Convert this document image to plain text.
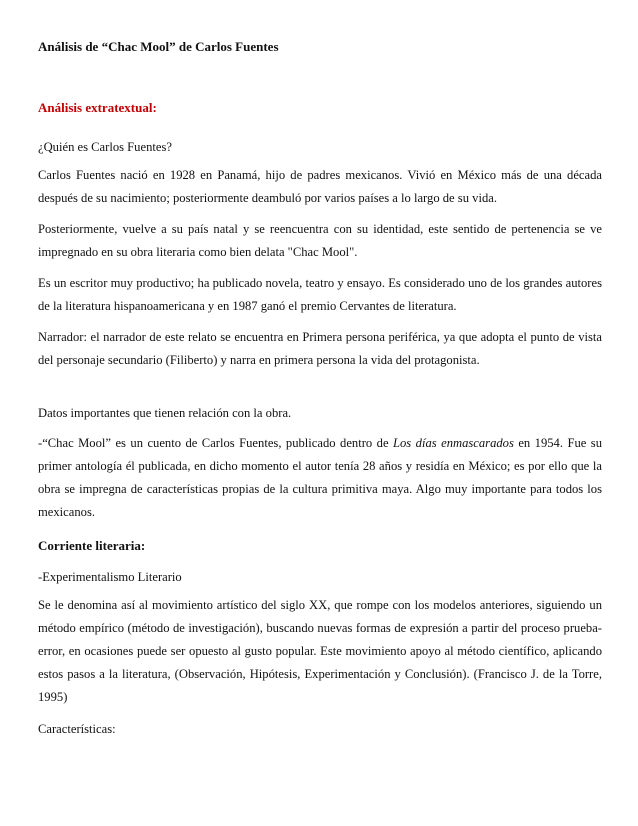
Análisis de “Chac Mool” de Carlos Fuentes
Análisis extratextual:

¿Quién es Carlos Fuentes?

Carlos Fuentes nació en 1928 en Panamá, hijo de padres mexicanos. Vivió en México más de una década después de su nacimiento; posteriormente deambuló por varios países a lo largo de su vida.

Posteriormente, vuelve a su país natal y se reencuentra con su identidad, este sentido de pertenencia se ve impregnado en su obra literaria como bien delata "Chac Mool".

Es un escritor muy productivo; ha publicado novela, teatro y ensayo. Es considerado uno de los grandes autores de la literatura hispanoamericana y en 1987 ganó el premio Cervantes de literatura.

Narrador: el narrador de este relato se encuentra en Primera persona periférica, ya que adopta el punto de vista del personaje secundario (Filiberto) y narra en primera persona la vida del protagonista.

Datos importantes que tienen relación con la obra.

-“Chac Mool” es un cuento de Carlos Fuentes, publicado dentro de Los días enmascarados en 1954. Fue su primer antología él publicada, en dicho momento el autor tenía 28 años y residía en México; es por ello que la obra se impregna de características propias de la cultura primitiva maya. Algo muy importante para todos los mexicanos.

Corriente literaria:

-Experimentalismo Literario

Se le denomina así al movimiento artístico del siglo XX, que rompe con los modelos anteriores, siguiendo un método empírico (método de investigación), buscando nuevas formas de expresión a partir del proceso prueba-error, en ocasiones puede ser opuesto al gusto popular. Este movimiento apoyo al método científico, aplicando estos pasos a la literatura, (Observación, Hipótesis, Experimentación y Conclusión). (Francisco J. de la Torre, 1995)

Características:
